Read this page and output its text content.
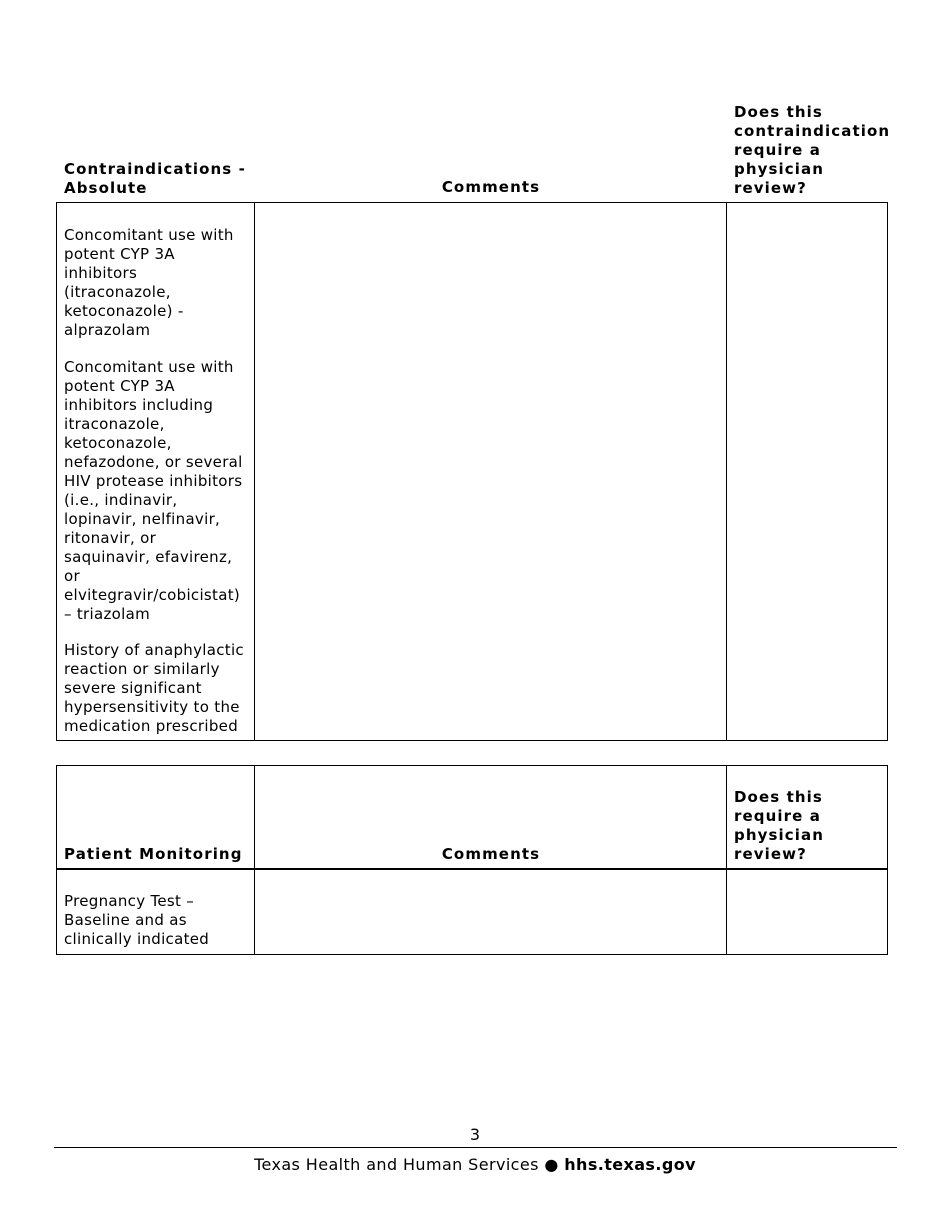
Contraindications -
Absolute	Comments
Does this
contraindication
require a
physician
review?
Concomitant use with
potent CYP 3A
inhibitors
(itraconazole,
ketoconazole) -
alprazolam
Concomitant use with
potent CYP 3A
inhibitors including
itraconazole,
ketoconazole,
nefazodone, or several
HIV protease inhibitors
(i.e., indinavir,
lopinavir, nelfinavir,
ritonavir, or
saquinavir, efavirenz,
or
elvitegravir/cobicistat)
– triazolam
History of anaphylactic
reaction or similarly
severe significant
hypersensitivity to the
medication prescribed
Patient Monitoring	Comments
Does this
require a
physician
review?
Pregnancy Test –
Baseline and as
clinically indicated
3
Texas Health and Human Services ● hhs.texas.gov
